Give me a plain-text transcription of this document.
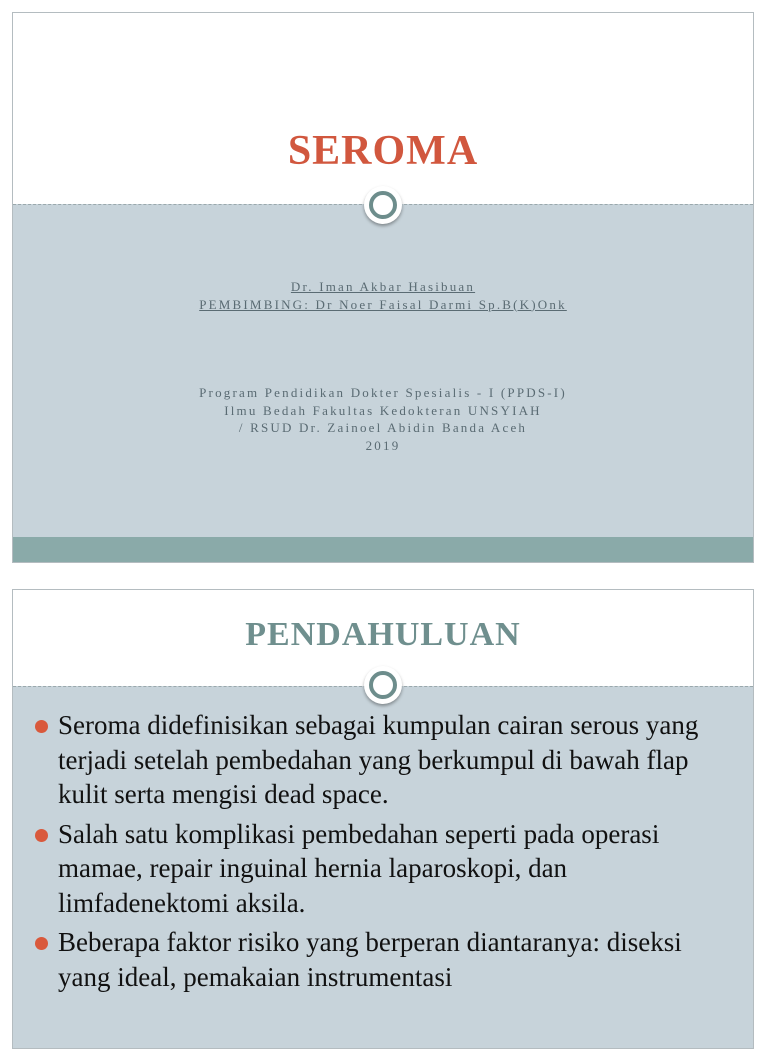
SEROMA
Dr. Iman Akbar Hasibuan
PEMBIMBING: Dr Noer Faisal Darmi Sp.B(K)Onk
Program Pendidikan Dokter Spesialis - I (PPDS-I)
Ilmu Bedah Fakultas Kedokteran UNSYIAH
/ RSUD Dr. Zainoel Abidin Banda Aceh
2019
PENDAHULUAN
Seroma didefinisikan sebagai kumpulan cairan serous yang terjadi setelah pembedahan yang berkumpul di bawah flap kulit serta mengisi dead space.
Salah satu komplikasi pembedahan seperti pada operasi mamae, repair inguinal hernia laparoskopi, dan limfadenektomi aksila.
Beberapa faktor risiko yang berperan diantaranya: diseksi yang ideal, pemakaian instrumentasi
